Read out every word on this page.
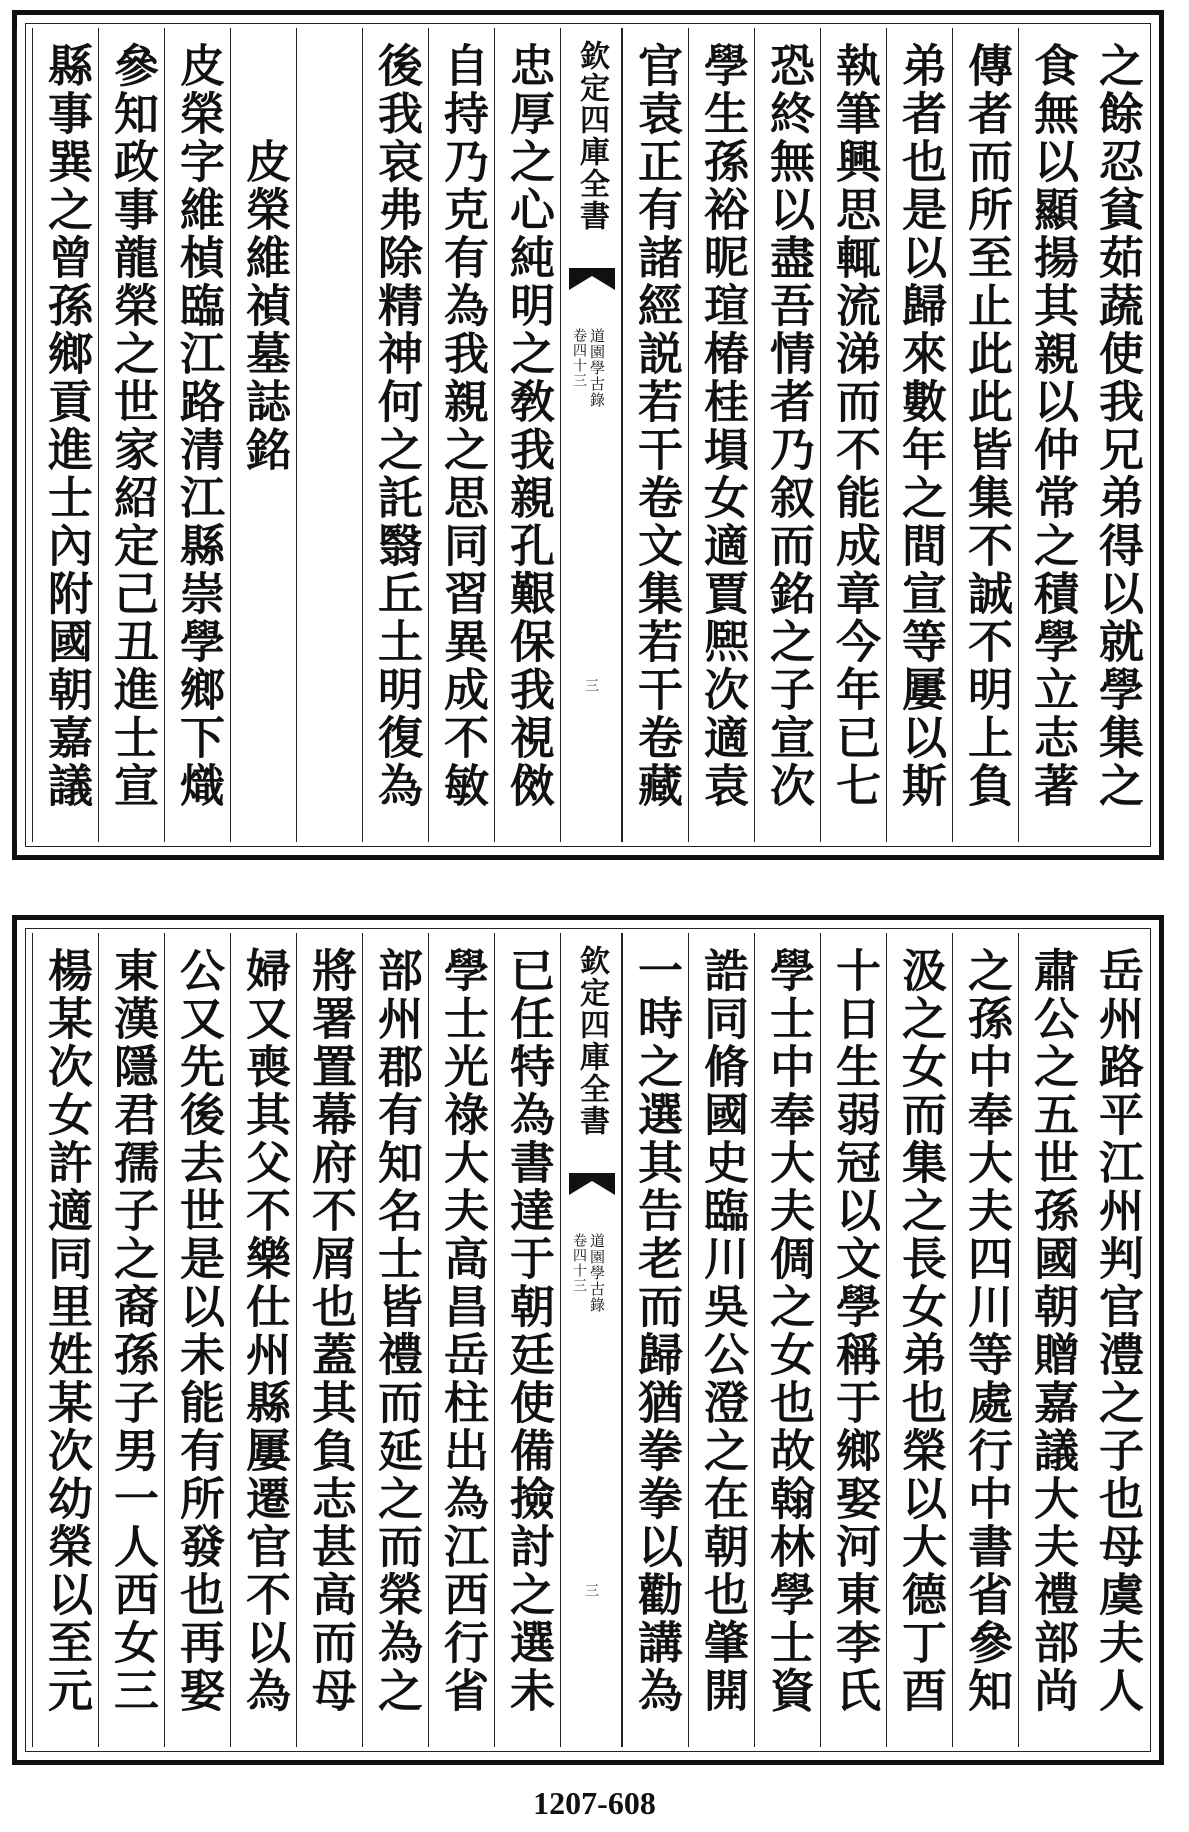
之餘忍貧茹蔬使我兄弟得以就學集之
食無以顯揚其親以仲常之積學立志著
傳者而所至止此此皆集不誠不明上負
弟者也是以歸來數年之間宣等屢以斯
執筆興思輒流涕而不能成章今年已七
恐終無以盡吾情者乃叙而銘之子宣次
學生孫裕昵瑄椿桂塤女適賈熈次適袁
官袁正有諸經説若干卷文集若干卷藏
欽定四庫全書
道園學古錄
卷四十三
三
忠厚之心純明之敎我親孔艱保我視傚
自持乃克有為我親之思同習異成不敏
後我哀弗除精神何之託翳丘土明復為
皮榮維禎墓誌銘
皮榮字維楨臨江路清江縣崇學鄉下熾
參知政事龍榮之世家紹定己丑進士宣
縣事巽之曾孫鄉貢進士內附國朝嘉議
岳州路平江州判官澧之子也母虞夫人
肅公之五世孫國朝贈嘉議大夫禮部尚
之孫中奉大夫四川等處行中書省參知
汲之女而集之長女弟也榮以大德丁酉
十日生弱冠以文學稱于鄉娶河東李氏
學士中奉大夫倜之女也故翰林學士資
誥同脩國史臨川吳公澄之在朝也肇開
一時之選其告老而歸猶拳拳以勸講為
欽定四庫全書
道園學古錄
卷四十三
三
已任特為書達于朝廷使備撿討之選未
學士光祿大夫高昌岳柱出為江西行省
部州郡有知名士皆禮而延之而榮為之
將署置幕府不屑也蓋其負志甚高而母
婦又喪其父不樂仕州縣屢遷官不以為
公又先後去世是以未能有所發也再娶
東漢隱君孺子之裔孫子男一人西女三
楊某次女許適同里姓某次幼榮以至元
1207-608
